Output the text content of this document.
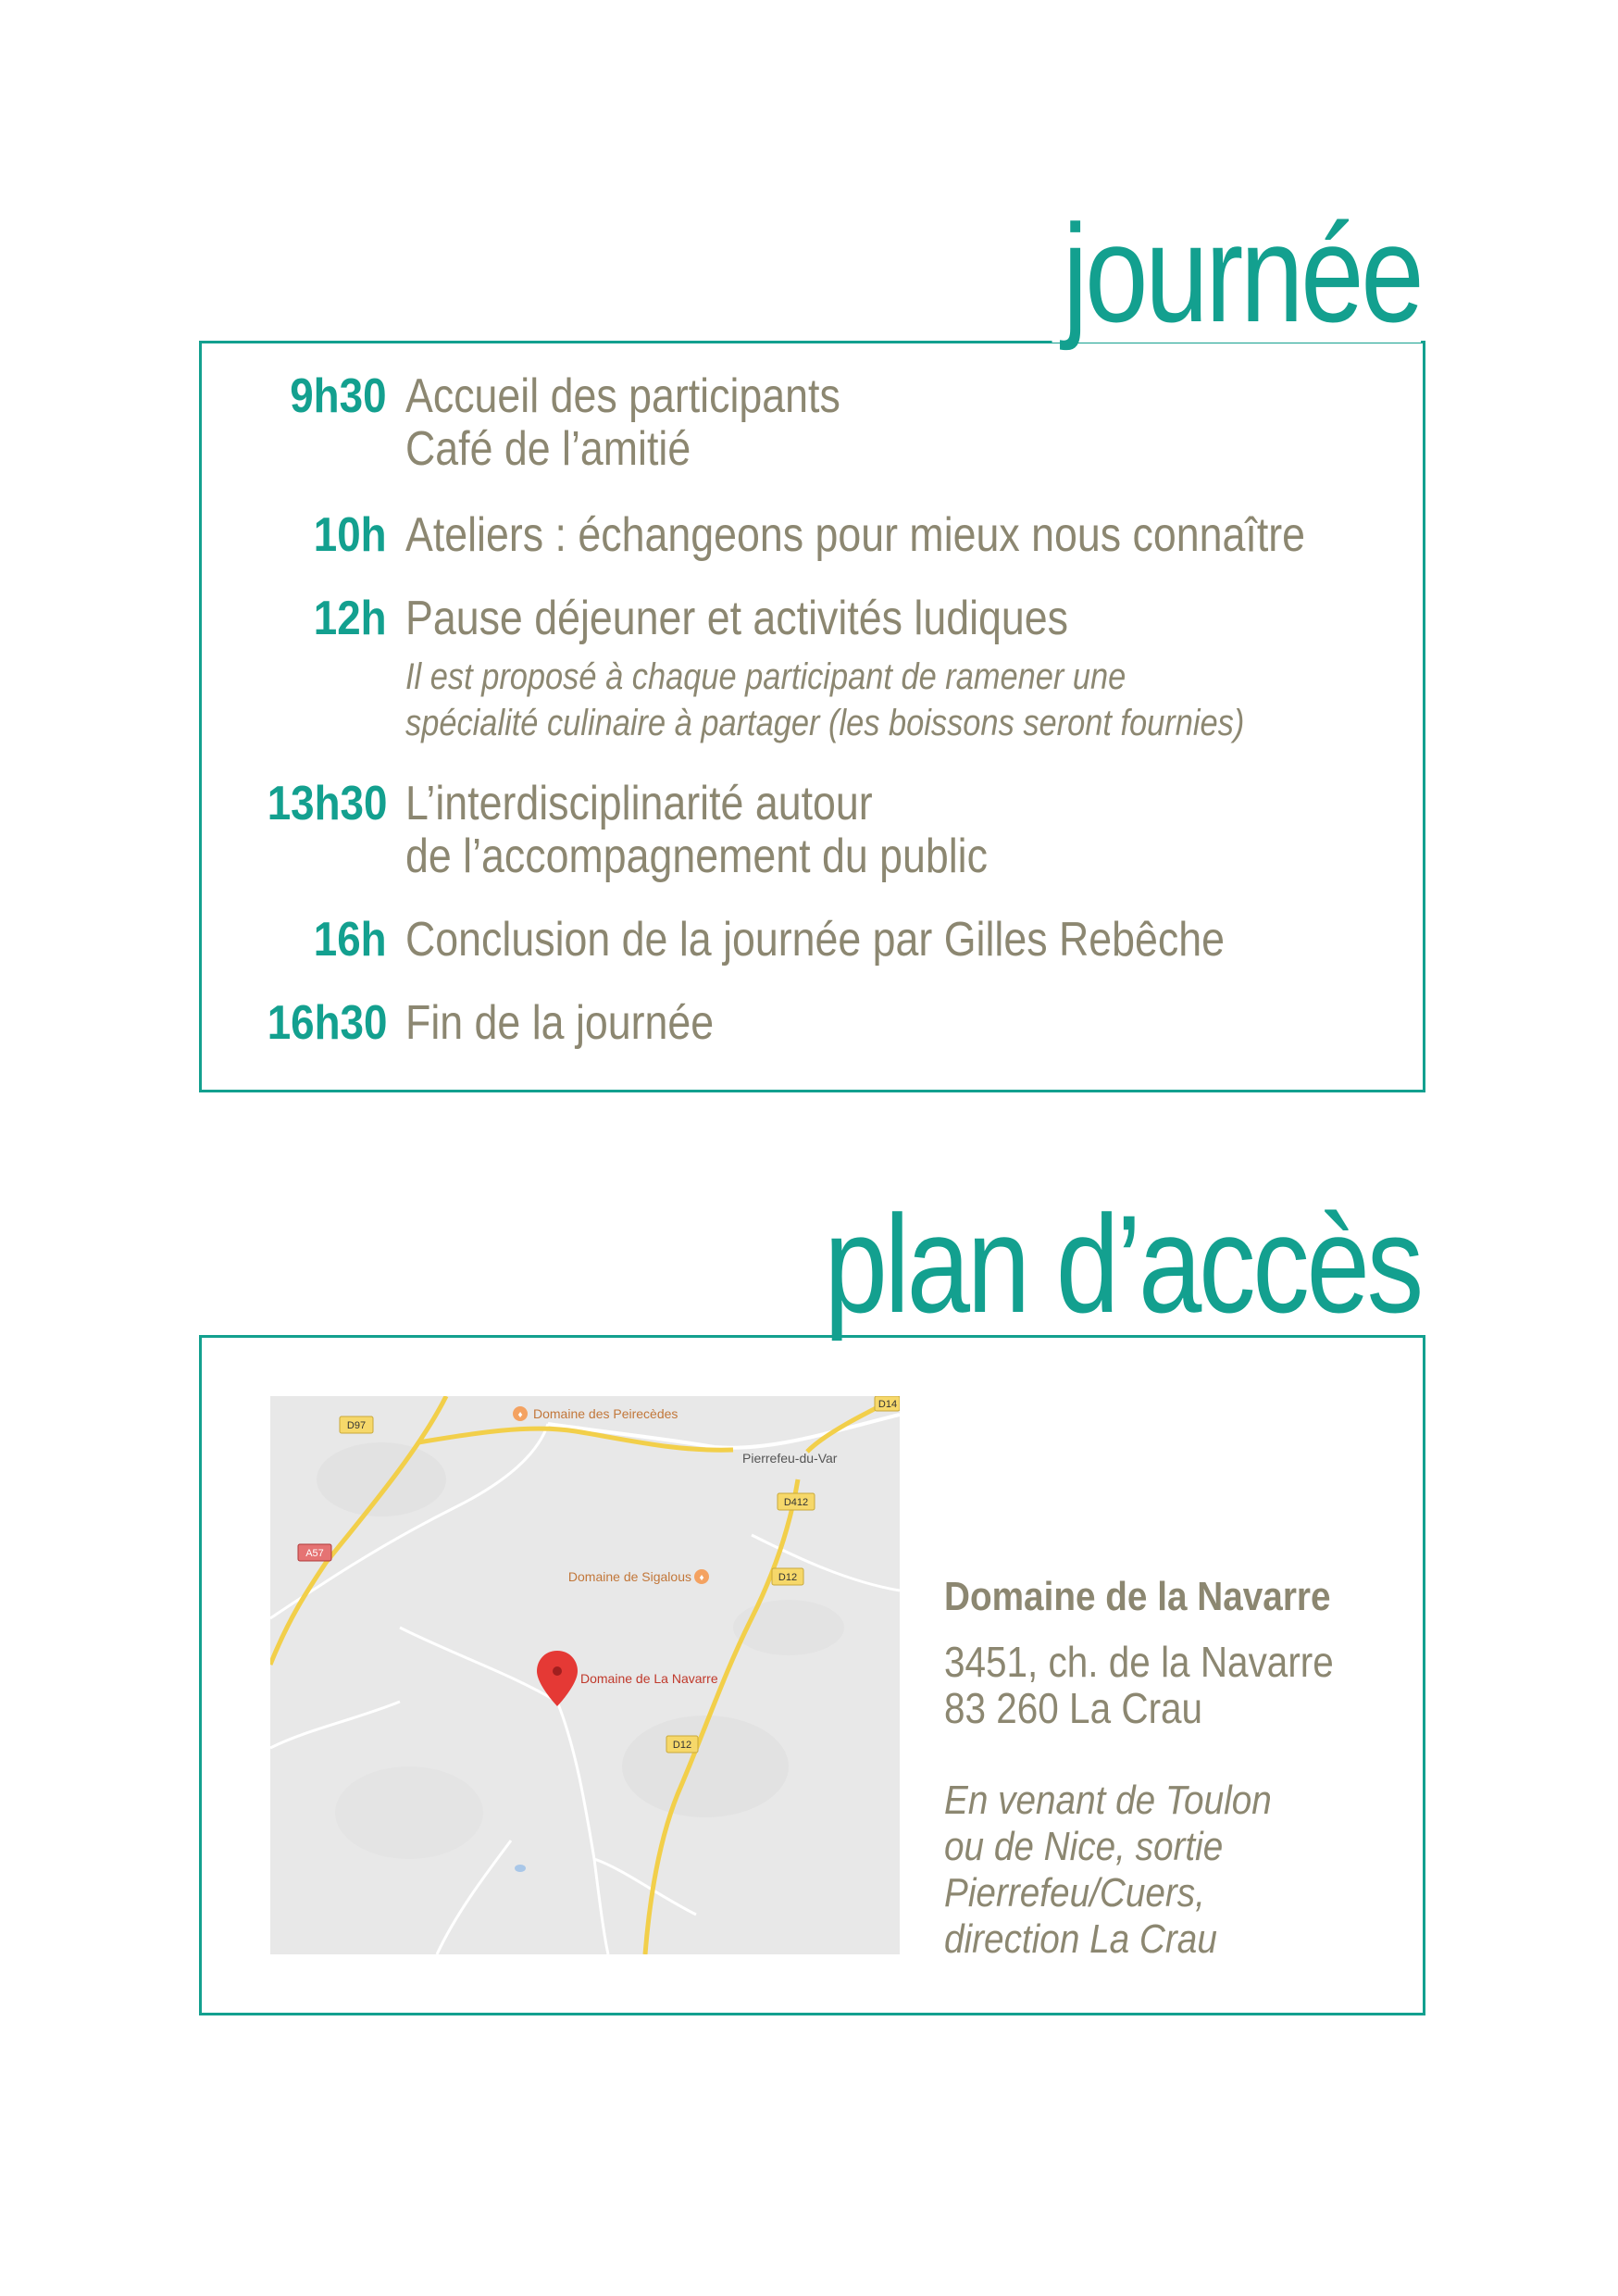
journée
9h30 Accueil des participants
Café de l’amitié
10h Ateliers : échangeons pour mieux nous connaître
12h Pause déjeuner et activités ludiques
Il est proposé à chaque participant de ramener une
spécialité culinaire à partager (les boissons seront fournies)
13h30 L’interdisciplinarité autour
de l’accompagnement du public
16h Conclusion de la journée par Gilles Rebêche
16h30 Fin de la journée
plan d’accès
D97
D14
D412
A57
D12
D12
♦ Domaine des Peirecèdes
Pierrefeu-du-Var
Domaine de Sigalous ♦
Domaine de La Navarre
Domaine de la Navarre
3451, ch. de la Navarre
83 260 La Crau
En venant de Toulon
ou de Nice, sortie
Pierrefeu/Cuers,
direction La Crau
